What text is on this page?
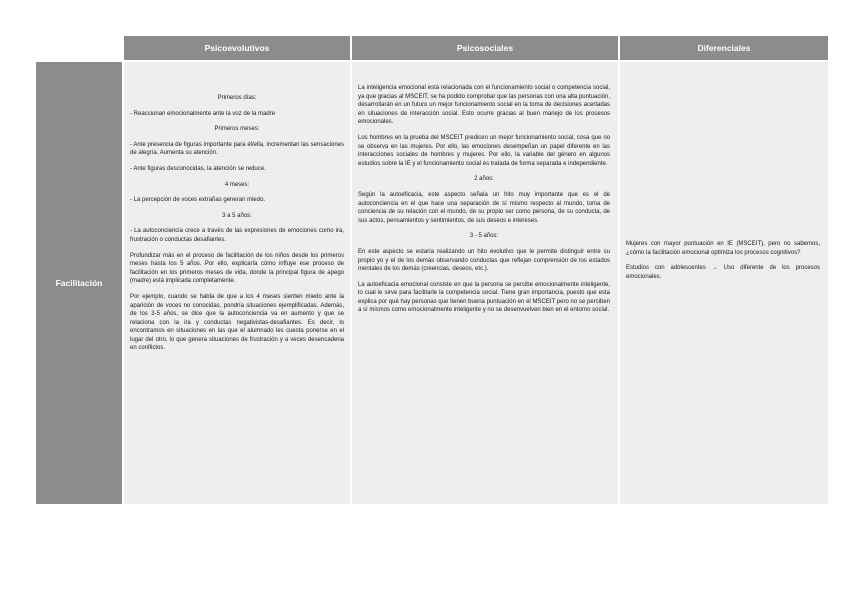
Psicoevolutivos	Psicosociales	Diferenciales
Facilitación

Primeros días:

- Reaccionan emocionalmente ante la voz de la madre

Primeros meses:

- Ante presencia de figuras importante para él/ella, incrementan las sensaciones de alegría. Aumenta su atención.

- Ante figuras desconocidas, la atención se reduce.

4 meses:

- La percepción de voces extrañas generan miedo.

3 a 5 años:

- La autoconciencia crece a través de las expresiones de emociones como ira, frustración o conductas desafiantes.

Profundizar más en el proceso de facilitación de los niños desde los primeros meses hasta los 5 años. Por ello, explicaría cómo influye ese proceso de facilitación en los primeros meses de vida, donde la principal figura de apego (madre) está implicada completamente.

Por ejemplo, cuando se habla de que a los 4 meses sienten miedo ante la aparición de voces no conocidas, pondría situaciones ejemplificadas. Además, de los 3-5 años, se dice que la autoconciencia va en aumento y que se relaciona con la ira y conductas negativistas-desafiantes. Es decir, lo encontramos en situaciones en las que el alumnado les cuesta ponerse en el lugar del otro, lo que genera situaciones de frustración y a veces desencadena en conflictos.

La inteligencia emocional está relacionada con el funcionamiento social o competencia social, ya que gracias al MSCEIT, se ha podido comprobar que las personas con una alta puntuación, desarrollarán en un futuro un mejor funcionamiento social en la toma de decisiones acertadas en situaciones de interacción social. Esto ocurre gracias al buen manejo de los procesos emocionales.

Los hombres en la prueba del MSCEIT predicen un mejor funcionamiento social, cosa que no se observa en las mujeres. Por ello, las emociones desempeñan un papel diferente en las interacciones sociales de hombres y mujeres. Por ello, la variable del género en algunos estudios sobre la IE y el funcionamiento social es tratada de forma separada e independiente.

2 años:

Según la autoeficacia, este aspecto señala un hito muy importante que es el de autoconciencia en el que hace una separación de sí mismo respecto al mundo, toma de conciencia de su relación con el mundo, de su propio ser como persona, de su conducta, de sus actos, pensamientos y sentimientos, de sus deseos e intereses.

3 - 5 años:

En este aspecto se estaría realizando un hito evolutivo que le permite distinguir entre su propio yo y el de los demás observando conductas que reflejan comprensión de los estados mentales de los demás (creencias, deseos, etc.).

La autoeficacia emocional consiste en que la persona se percibe emocionalmente inteligente, lo cual le sirve para facilitarle la competencia social. Tiene gran importancia, puesto que esta explica por qué hay personas que tienen buena puntuación en el MSCEIT pero no se perciben a sí mismos como emocionalmente inteligente y no se desenvuelven bien en el entorno social.

Mujeres con mayor puntuación en IE (MSCEIT), pero no sabemos, ¿cómo la facilitación emocional optimiza los procesos cognitivos?

Estudios con adolescentes → Uso diferente de los procesos emocionales.
